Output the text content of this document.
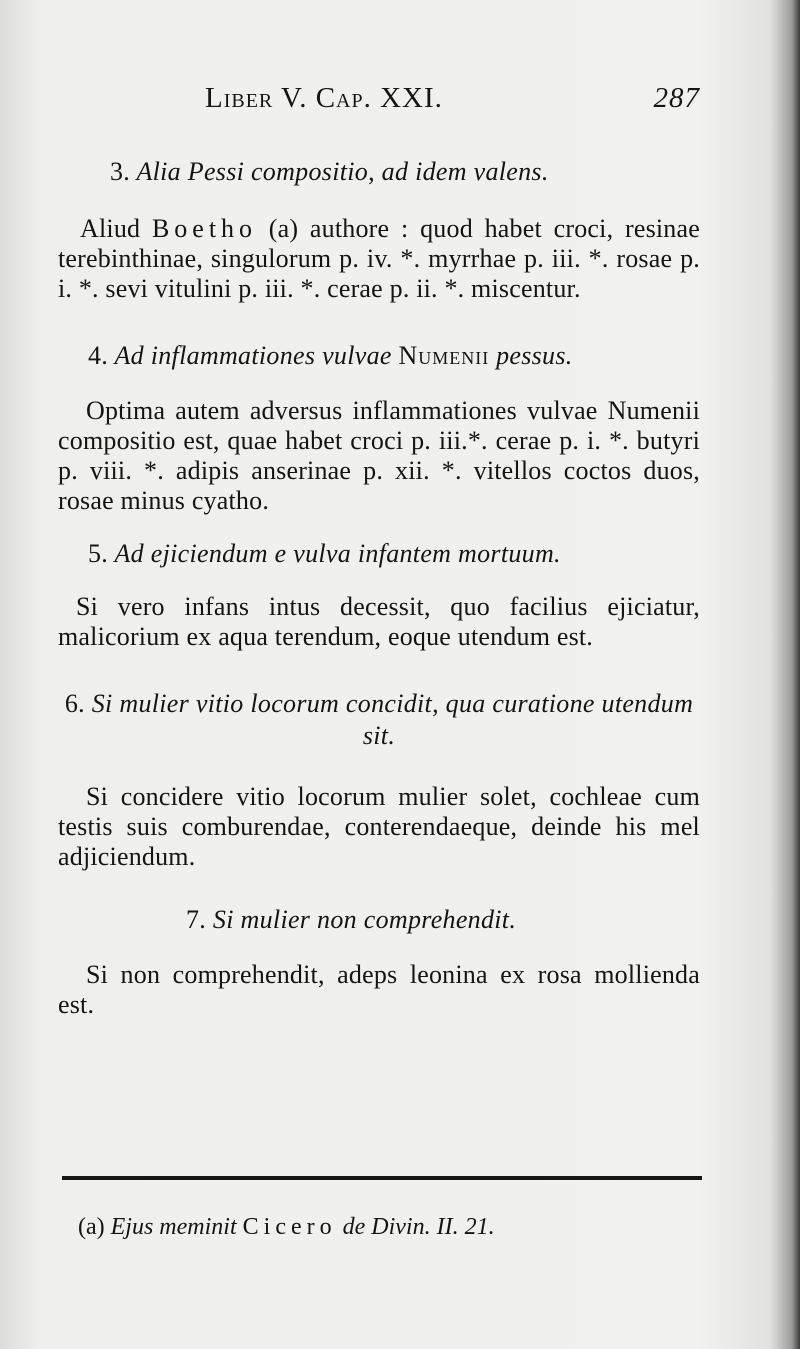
Liber V. Cap. XXI.	287
3. Alia Pessi compositio, ad idem valens.

Aliud Boetho (a) authore : quod habet croci, resinae terebinthinae, singulorum p. iv. *. myrrhae p. iii. *. rosae p. i. *. sevi vitulini p. iii. *. cerae p. ii. *. miscentur.

4. Ad inflammationes vulvae Numenii pessus.

Optima autem adversus inflammationes vulvae Numenii compositio est, quae habet croci p. iii.*. cerae p. i. *. butyri p. viii. *. adipis anserinae p. xii. *. vitellos coctos duos, rosae minus cyatho.

5. Ad ejiciendum e vulva infantem mortuum.

Si vero infans intus decessit, quo facilius ejiciatur, malicorium ex aqua terendum, eoque utendum est.

6. Si mulier vitio locorum concidit, qua curatione utendum sit.

Si concidere vitio locorum mulier solet, cochleae cum testis suis comburendae, conterendaeque, deinde his mel adjiciendum.

7. Si mulier non comprehendit.

Si non comprehendit, adeps leonina ex rosa mollienda est.

(a) Ejus meminit Cicero de Divin. II. 21.
